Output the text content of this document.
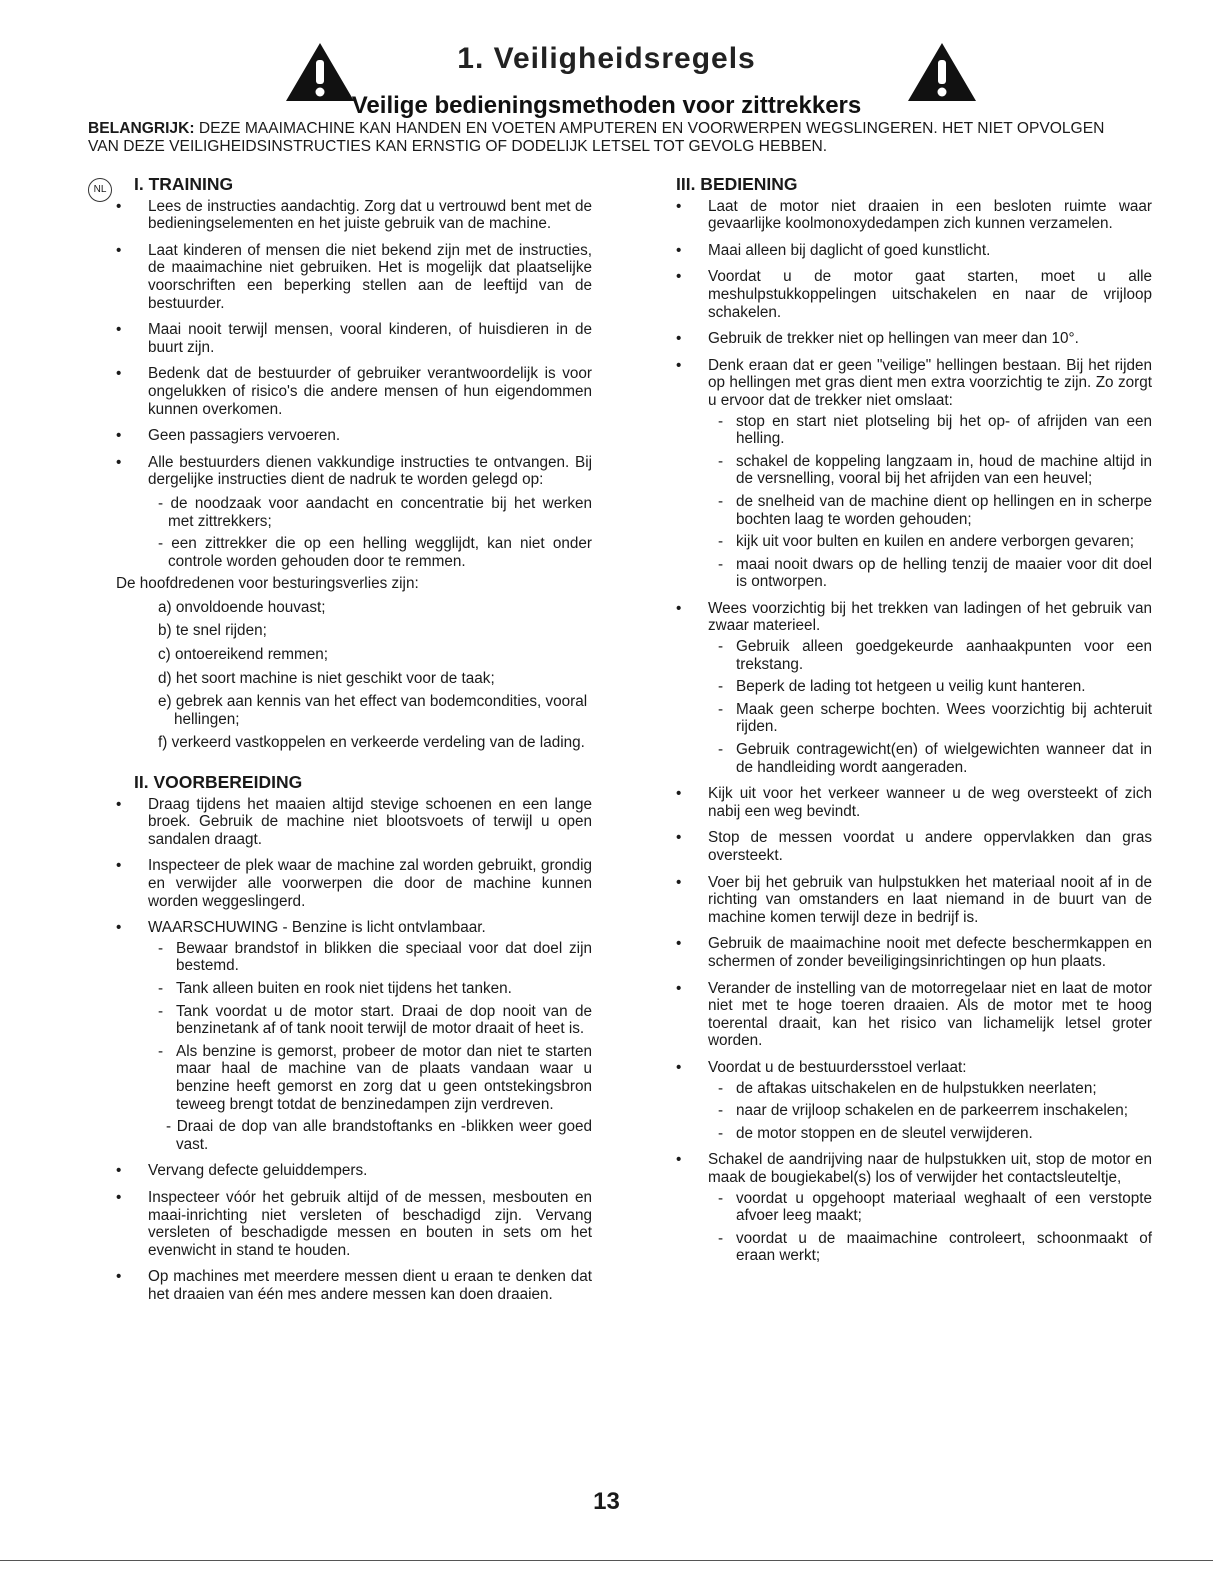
1. Veiligheidsregels
Veilige bedieningsmethoden voor zittrekkers
BELANGRIJK: DEZE MAAIMACHINE KAN HANDEN EN VOETEN AMPUTEREN EN VOORWERPEN WEGSLINGEREN. HET NIET OPVOLGEN VAN DEZE VEILIGHEIDSINSTRUCTIES KAN ERNSTIG OF DODELIJK LETSEL TOT GEVOLG HEBBEN.
NL	I. TRAINING
• Lees de instructies aandachtig. Zorg dat u vertrouwd bent met de bedieningselementen en het juiste gebruik van de machine.
• Laat kinderen of mensen die niet bekend zijn met de instructies, de maaimachine niet gebruiken. Het is mogelijk dat plaatselijke voorschriften een beperking stellen aan de leeftijd van de bestuurder.
• Maai nooit terwijl mensen, vooral kinderen, of huisdieren in de buurt zijn.
• Bedenk dat de bestuurder of gebruiker verantwoordelijk is voor ongelukken of risico's die andere mensen of hun eigendommen kunnen overkomen.
• Geen passagiers vervoeren.
• Alle bestuurders dienen vakkundige instructies te ontvangen. Bij dergelijke instructies dient de nadruk te worden gelegd op:

- de noodzaak voor aandacht en concentratie bij het werken met zittrekkers;

- een zittrekker die op een helling wegglijdt, kan niet onder controle worden gehouden door te remmen.

De hoofdredenen voor besturingsverlies zijn:
a) onvoldoende houvast;
b) te snel rijden;
c) ontoereikend remmen;
d) het soort machine is niet geschikt voor de taak;
e) gebrek aan kennis van het effect van bodemcondities, vooral hellingen;
f) verkeerd vastkoppelen en verkeerde verdeling van de lading.
II. VOORBEREIDING
• Draag tijdens het maaien altijd stevige schoenen en een lange broek. Gebruik de machine niet blootsvoets of terwijl u open sandalen draagt.
• Inspecteer de plek waar de machine zal worden gebruikt, grondig en verwijder alle voorwerpen die door de machine kunnen worden weggeslingerd.
• WAARSCHUWING - Benzine is licht ontvlambaar.
- Bewaar brandstof in blikken die speciaal voor dat doel zijn bestemd.
- Tank alleen buiten en rook niet tijdens het tanken.
- Tank voordat u de motor start. Draai de dop nooit van de benzinetank af of tank nooit terwijl de motor draait of heet is.
- Als benzine is gemorst, probeer de motor dan niet te starten maar haal de machine van de plaats vandaan waar u benzine heeft gemorst en zorg dat u geen ontstekingsbron teweeg brengt totdat de benzinedampen zijn verdreven.

- Draai de dop van alle brandstoftanks en -blikken weer goed vast.

• Vervang defecte geluiddempers.
• Inspecteer vóór het gebruik altijd of de messen, mesbouten en maai-inrichting niet versleten of beschadigd zijn. Vervang versleten of beschadigde messen en bouten in sets om het evenwicht in stand te houden.
• Op machines met meerdere messen dient u eraan te denken dat het draaien van één mes andere messen kan doen draaien.
III. BEDIENING
• Laat de motor niet draaien in een besloten ruimte waar gevaarlijke koolmonoxydedampen zich kunnen verzamelen.
• Maai alleen bij daglicht of goed kunstlicht.
• Voordat u de motor gaat starten, moet u alle meshulpstukkoppelingen uitschakelen en naar de vrijloop schakelen.
• Gebruik de trekker niet op hellingen van meer dan 10°.
• Denk eraan dat er geen "veilige" hellingen bestaan. Bij het rijden op hellingen met gras dient men extra voorzichtig te zijn. Zo zorgt u ervoor dat de trekker niet omslaat:
- stop en start niet plotseling bij het op- of afrijden van een helling.
- schakel de koppeling langzaam in, houd de machine altijd in de versnelling, vooral bij het afrijden van een heuvel;
- de snelheid van de machine dient op hellingen en in scherpe bochten laag te worden gehouden;
- kijk uit voor bulten en kuilen en andere verborgen gevaren;
- maai nooit dwars op de helling tenzij de maaier voor dit doel is ontworpen.
• Wees voorzichtig bij het trekken van ladingen of het gebruik van zwaar materieel.
- Gebruik alleen goedgekeurde aanhaakpunten voor een trekstang.
- Beperk de lading tot hetgeen u veilig kunt hanteren.
- Maak geen scherpe bochten. Wees voorzichtig bij achteruit rijden.
- Gebruik contragewicht(en) of wielgewichten wanneer dat in de handleiding wordt aangeraden.
• Kijk uit voor het verkeer wanneer u de weg oversteekt of zich nabij een weg bevindt.
• Stop de messen voordat u andere oppervlakken dan gras oversteekt.
• Voer bij het gebruik van hulpstukken het materiaal nooit af in de richting van omstanders en laat niemand in de buurt van de machine komen terwijl deze in bedrijf is.
• Gebruik de maaimachine nooit met defecte beschermkappen en schermen of zonder beveiligingsinrichtingen op hun plaats.
• Verander de instelling van de motorregelaar niet en laat de motor niet met te hoge toeren draaien. Als de motor met te hoog toerental draait, kan het risico van lichamelijk letsel groter worden.
• Voordat u de bestuurdersstoel verlaat:
- de aftakas uitschakelen en de hulpstukken neerlaten;
- naar de vrijloop schakelen en de parkeerrem inschakelen;
- de motor stoppen en de sleutel verwijderen.
• Schakel de aandrijving naar de hulpstukken uit, stop de motor en maak de bougiekabel(s) los of verwijder het contactsleuteltje,
- voordat u opgehoopt materiaal weghaalt of een verstopte afvoer leeg maakt;
- voordat u de maaimachine controleert, schoonmaakt of eraan werkt;
13
